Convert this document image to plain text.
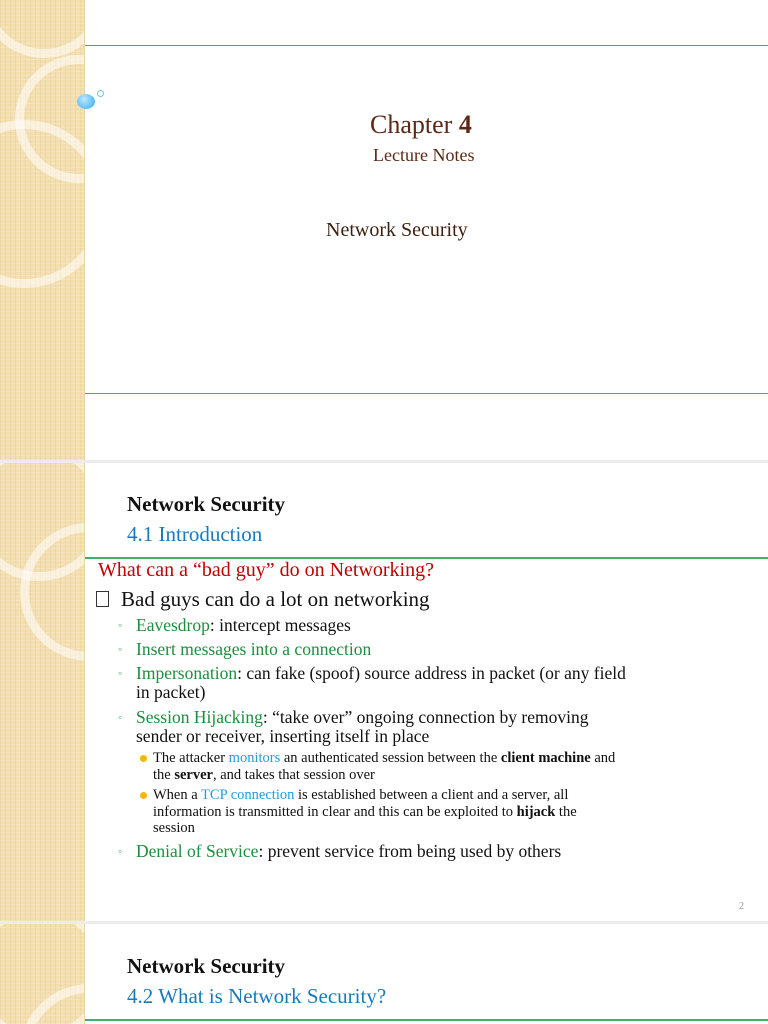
Chapter 4
Lecture Notes
Network Security
Network Security
4.1 Introduction
What can a “bad guy” do on Networking?
Bad guys can do a lot on networking
◦ Eavesdrop: intercept messages
◦ Insert messages into a connection
◦ Impersonation: can fake (spoof) source address in packet (or any field
in packet)
◦ Session Hijacking: “take over” ongoing connection by removing
sender or receiver, inserting itself in place
The attacker monitors an authenticated session between the client machine and
the server, and takes that session over
When a TCP connection is established between a client and a server, all
information is transmitted in clear and this can be exploited to hijack the
session
◦ Denial of Service: prevent service from being used by others
2
Network Security
4.2 What is Network Security?
